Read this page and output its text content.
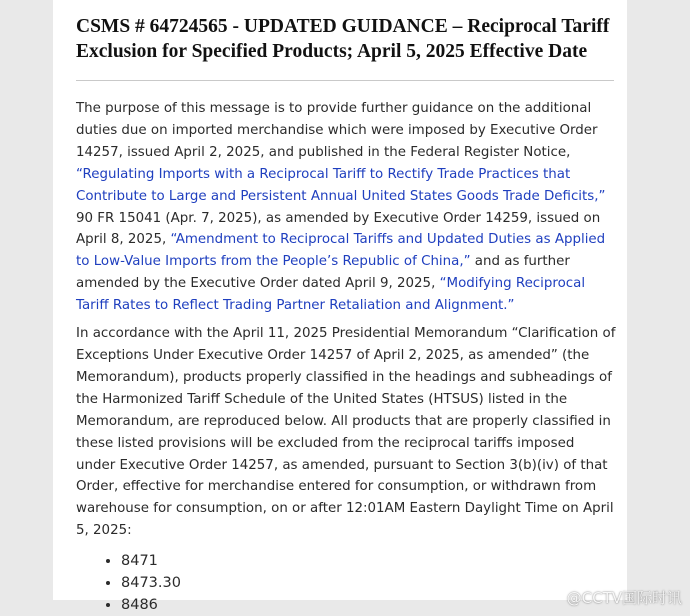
CSMS # 64724565 - UPDATED GUIDANCE – Reciprocal Tariff Exclusion for Specified Products; April 5, 2025 Effective Date

The purpose of this message is to provide further guidance on the additional duties due on imported merchandise which were imposed by Executive Order 14257, issued April 2, 2025, and published in the Federal Register Notice, “Regulating Imports with a Reciprocal Tariff to Rectify Trade Practices that Contribute to Large and Persistent Annual United States Goods Trade Deficits,” 90 FR 15041 (Apr. 7, 2025), as amended by Executive Order 14259, issued on April 8, 2025, “Amendment to Reciprocal Tariffs and Updated Duties as Applied to Low-Value Imports from the People’s Republic of China,” and as further amended by the Executive Order dated April 9, 2025, “Modifying Reciprocal Tariff Rates to Reflect Trading Partner Retaliation and Alignment.”

In accordance with the April 11, 2025 Presidential Memorandum “Clarification of Exceptions Under Executive Order 14257 of April 2, 2025, as amended” (the Memorandum), products properly classified in the headings and subheadings of the Harmonized Tariff Schedule of the United States (HTSUS) listed in the Memorandum, are reproduced below. All products that are properly classified in these listed provisions will be excluded from the reciprocal tariffs imposed under Executive Order 14257, as amended, pursuant to Section 3(b)(iv) of that Order, effective for merchandise entered for consumption, or withdrawn from warehouse for consumption, on or after 12:01AM Eastern Daylight Time on April 5, 2025:

• 8471
• 8473.30
• 8486	@CCTV国际时讯
